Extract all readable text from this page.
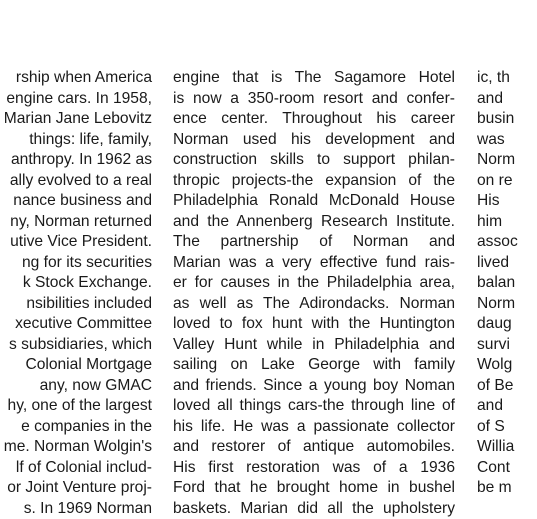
rship when America
engine cars. In 1958,
Marian Jane Lebovitz
things: life, family,
anthropy. In 1962 as
ally evolved to a real
nance business and
ny, Norman returned
utive Vice President.
ng for its securities
k Stock Exchange.
nsibilities included
xecutive Committee
s subsidiaries, which
Colonial Mortgage
any, now GMAC
hy, one of the largest
e companies in the
me. Norman Wolgin's
lf of Colonial includ-
or Joint Venture proj-
s. In 1969 Norman
engine that is The Sagamore Hotel
is now a 350-room resort and confer-
ence center. Throughout his career
Norman used his development and
construction skills to support philan-
thropic projects-the expansion of the
Philadelphia Ronald McDonald House
and the Annenberg Research Institute.
The partnership of Norman and
Marian was a very effective fund rais-
er for causes in the Philadelphia area,
as well as The Adirondacks. Norman
loved to fox hunt with the Huntington
Valley Hunt while in Philadelphia and
sailing on Lake George with family
and friends. Since a young boy Noman
loved all things cars-the through line of
his life. He was a passionate collector
and restorer of antique automobiles.
His first restoration was of a 1936
Ford that he brought home in bushel
baskets. Marian did all the upholstery
ic, th
and
busin
was
Norm
on re
His
him
assoc
lived
balan
Norm
daug
survi
Wolg
of Be
and
of S
Willia
Cont
be m
